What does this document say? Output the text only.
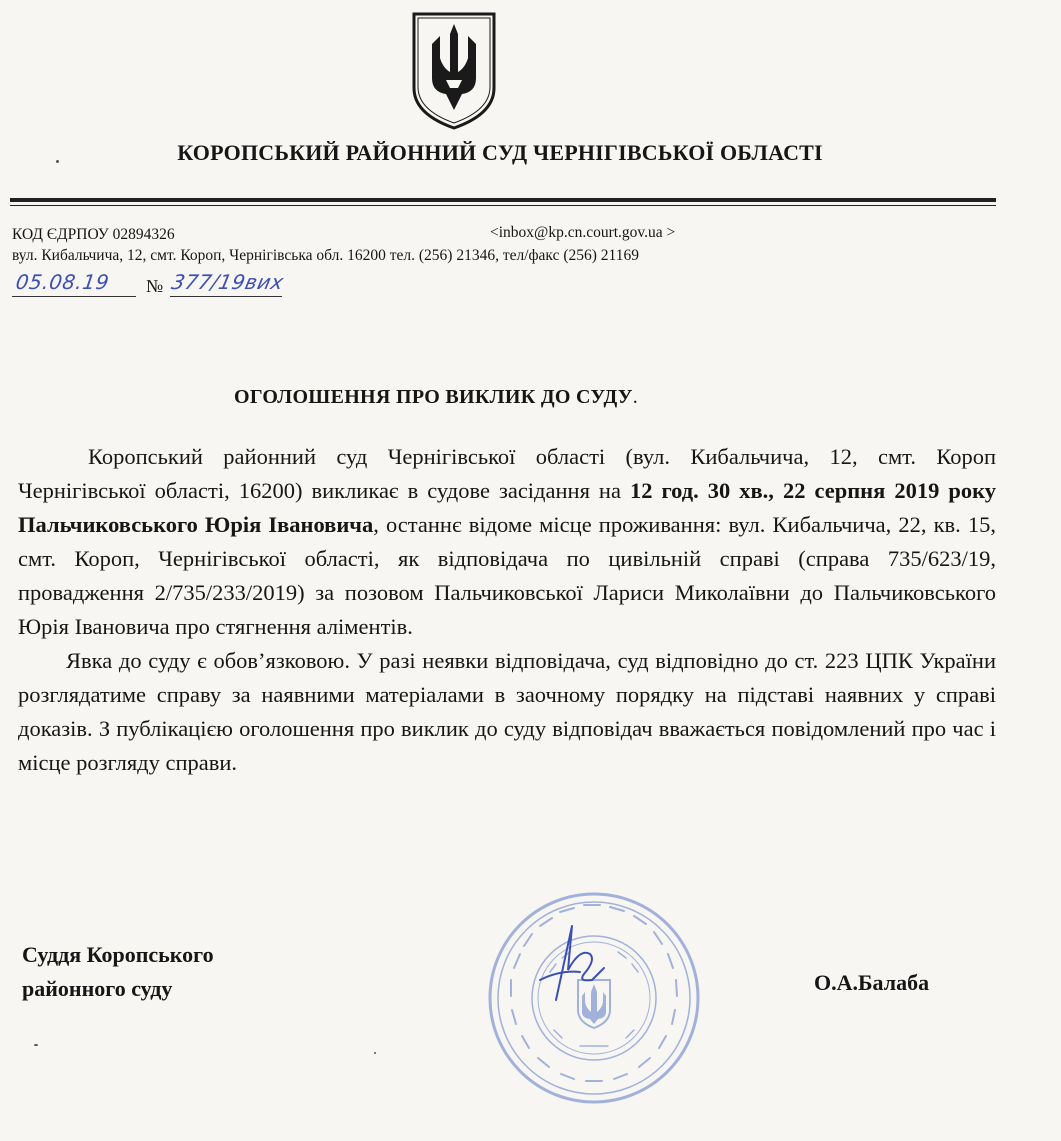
КОРОПСЬКИЙ РАЙОННИЙ СУД ЧЕРНІГІВСЬКОЇ ОБЛАСТІ
КОД ЄДРПОУ 02894326	<inbox@kp.cn.court.gov.ua >
вул. Кибальчича, 12, смт. Короп, Чернігівська обл. 16200 тел. (256) 21346, тел/факс (256) 21169
05.08.19 № 377/19вих
ОГОЛОШЕННЯ ПРО ВИКЛИК ДО СУДУ.

Коропський районний суд Чернігівської області (вул. Кибальчича, 12, смт. Короп Чернігівської області, 16200) викликає в судове засідання на 12 год. 30 хв., 22 серпня 2019 року Пальчиковського Юрія Івановича, останнє відоме місце проживання: вул. Кибальчича, 22, кв. 15, смт. Короп, Чернігівської області, як відповідача по цивільній справі (справа 735/623/19, провадження 2/735/233/2019) за позовом Пальчиковської Лариси Миколаївни до Пальчиковського Юрія Івановича про стягнення аліментів.

Явка до суду є обов’язковою. У разі неявки відповідача, суд відповідно до ст. 223 ЦПК України розглядатиме справу за наявними матеріалами в заочному порядку на підставі наявних у справі доказів. З публікацією оголошення про виклик до суду відповідач вважається повідомлений про час і місце розгляду справи.

Суддя Коропського
районного суду	О.А.Балаба
